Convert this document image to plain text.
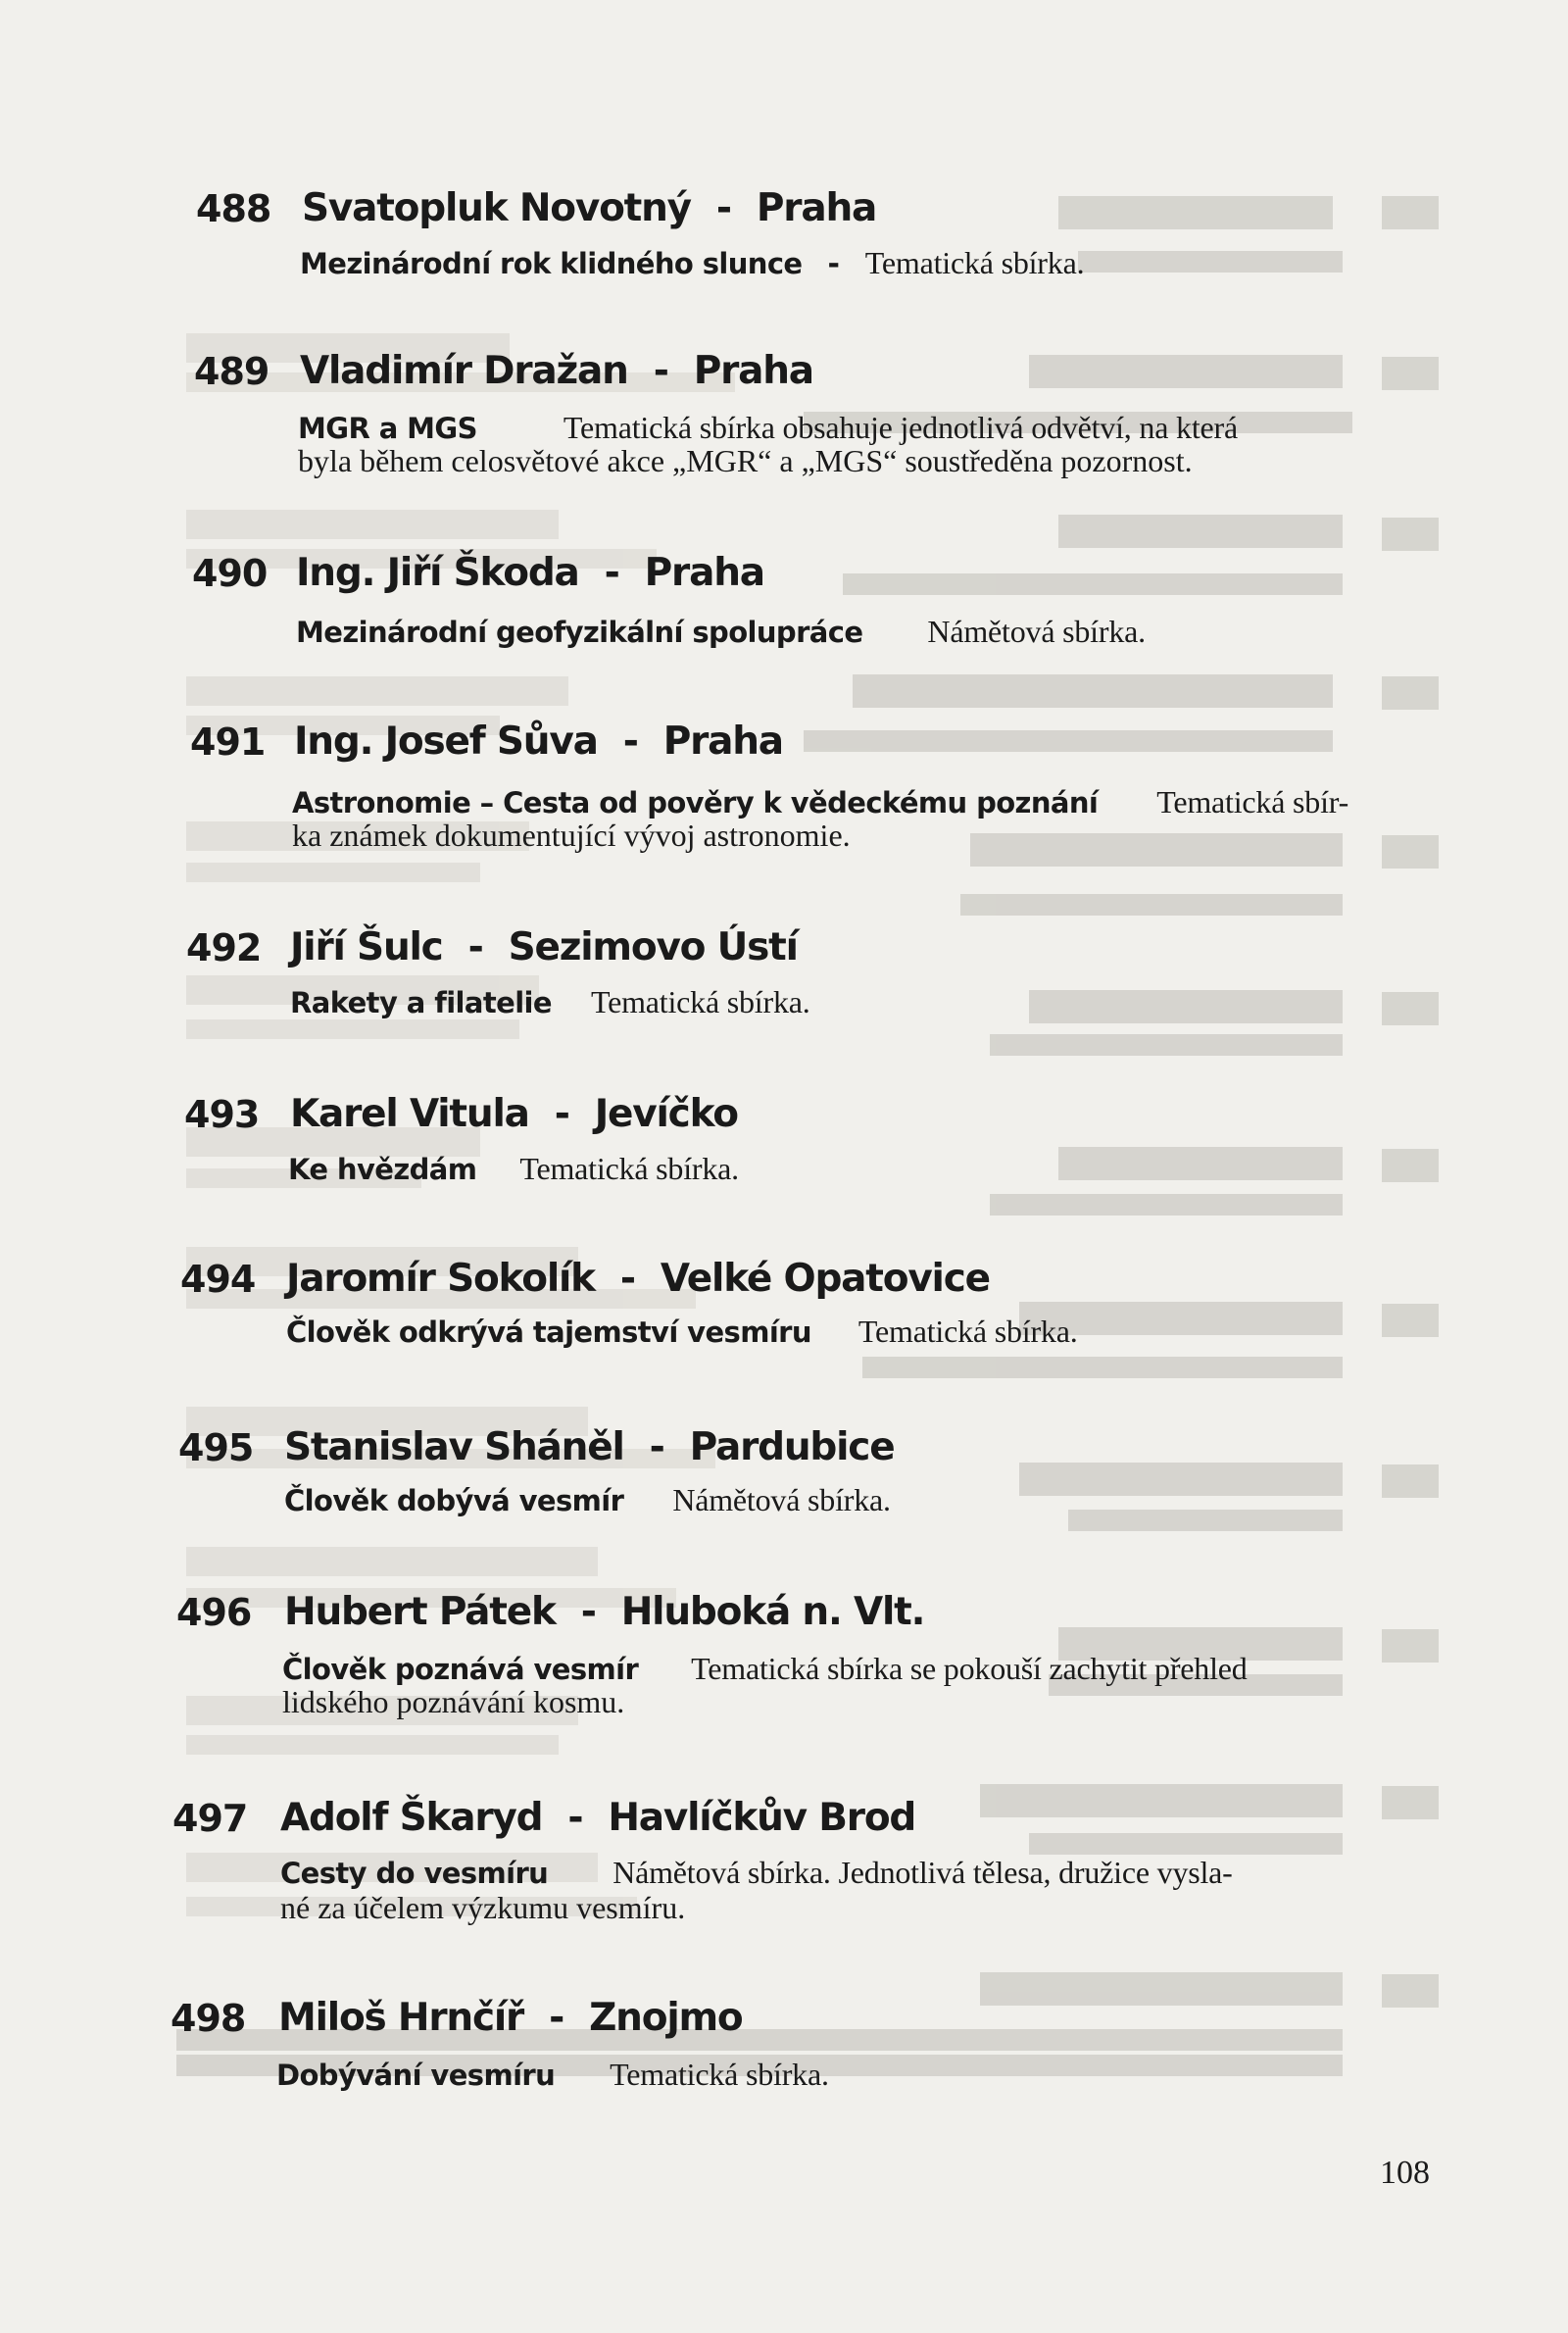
488 Svatopluk Novotný - Praha
Mezinárodní rok klidného slunce - Tematická sbírka.
489 Vladimír Dražan - Praha
MGR a MGS	Tematická sbírka obsahuje jednotlivá odvětví, na která
byla během celosvětové akce „MGR“ a „MGS“ soustředěna pozornost.
490 Ing. Jiří Škoda - Praha
Mezinárodní geofyzikální spolupráce Námětová sbírka.
491 Ing. Josef Sůva - Praha
Astronomie – Cesta od pověry k vědeckému poznání Tematická sbír-
ka známek dokumentující vývoj astronomie.
492 Jiří Šulc - Sezimovo Ústí
Rakety a filatelie Tematická sbírka.
493 Karel Vitula - Jevíčko
Ke hvězdám Tematická sbírka.
494 Jaromír Sokolík - Velké Opatovice
Člověk odkrývá tajemství vesmíru Tematická sbírka.
495 Stanislav Sháněl - Pardubice
Člověk dobývá vesmír Námětová sbírka.
496 Hubert Pátek - Hluboká n. Vlt.
Člověk poznává vesmír Tematická sbírka se pokouší zachytit přehled
lidského poznávání kosmu.
497 Adolf Škaryd - Havlíčkův Brod
Cesty do vesmíru Námětová sbírka. Jednotlivá tělesa, družice vysla-
né za účelem výzkumu vesmíru.
498 Miloš Hrnčíř - Znojmo
Dobývání vesmíru Tematická sbírka.
108
